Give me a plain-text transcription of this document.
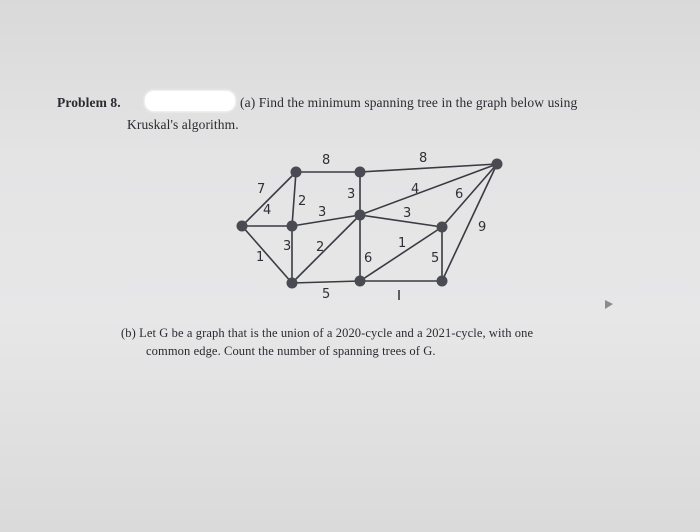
Problem 8.	(a) Find the minimum spanning tree in the graph below using
Kruskal's algorithm.
7
8	8
2
3
3
4
6
4
3
9
3 2
6
1
5
1
5
(b) Let G be a graph that is the union of a 2020-cycle and a 2021-cycle, with one
common edge. Count the number of spanning trees of G.
